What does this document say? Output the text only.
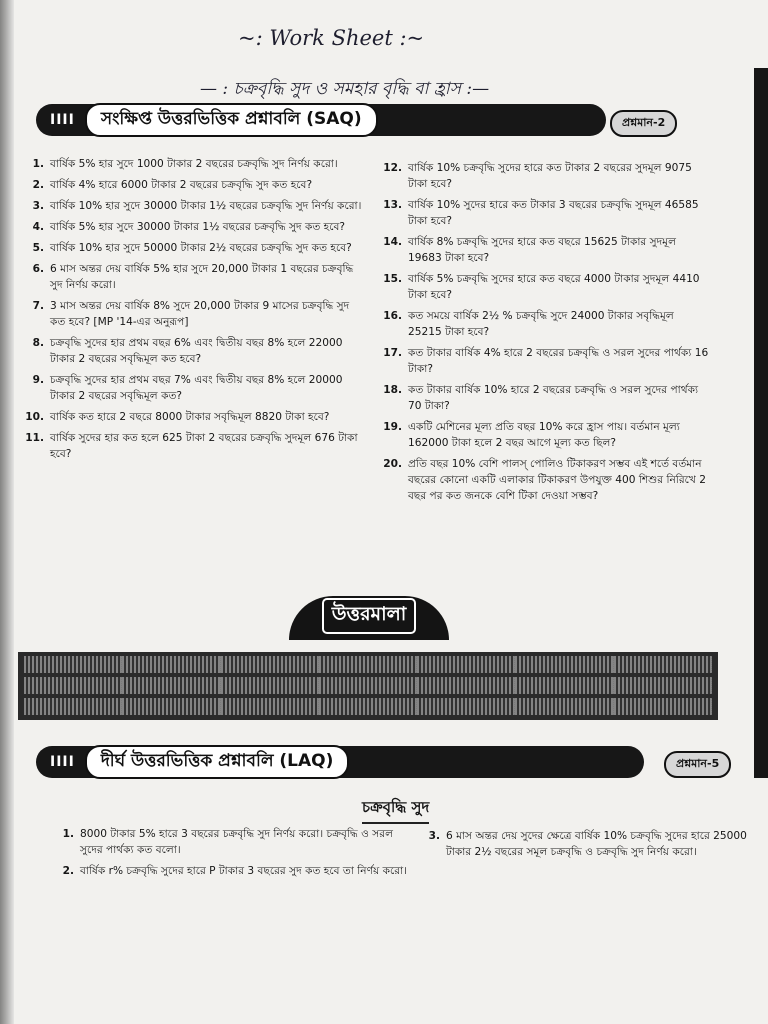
~: Work Sheet :~
— : চক্রবৃদ্ধি সুদ ও সমহার বৃদ্ধি বা হ্রাস :—
IIII	সংক্ষিপ্ত উত্তরভিত্তিক প্রশ্নাবলি (SAQ)	প্রশ্নমান-2
1. বার্ষিক 5% হার সুদে 1000 টাকার 2 বছরের চক্রবৃদ্ধি সুদ নির্ণয় করো।
2. বার্ষিক 4% হারে 6000 টাকার 2 বছরের চক্রবৃদ্ধি সুদ কত হবে?
3. বার্ষিক 10% হার সুদে 30000 টাকার 1½ বছরের চক্রবৃদ্ধি সুদ নির্ণয় করো।
4. বার্ষিক 5% হার সুদে 30000 টাকার 1½ বছরের চক্রবৃদ্ধি সুদ কত হবে?
5. বার্ষিক 10% হার সুদে 50000 টাকার 2½ বছরের চক্রবৃদ্ধি সুদ কত হবে?
6. 6 মাস অন্তর দেয় বার্ষিক 5% হার সুদে 20,000 টাকার 1 বছরের চক্রবৃদ্ধি সুদ নির্ণয় করো।
7. 3 মাস অন্তর দেয় বার্ষিক 8% সুদে 20,000 টাকার 9 মাসের চক্রবৃদ্ধি সুদ কত হবে? [MP '14-এর অনুরূপ]
8. চক্রবৃদ্ধি সুদের হার প্রথম বছর 6% এবং দ্বিতীয় বছর 8% হলে 22000 টাকার 2 বছরের সবৃদ্ধিমূল কত হবে?
9. চক্রবৃদ্ধি সুদের হার প্রথম বছর 7% এবং দ্বিতীয় বছর 8% হলে 20000 টাকার 2 বছরের সবৃদ্ধিমূল কত?
10. বার্ষিক কত হারে 2 বছরে 8000 টাকার সবৃদ্ধিমূল 8820 টাকা হবে?
11. বার্ষিক সুদের হার কত হলে 625 টাকা 2 বছরের চক্রবৃদ্ধি সুদমূল 676 টাকা হবে?
12. বার্ষিক 10% চক্রবৃদ্ধি সুদের হারে কত টাকার 2 বছরের সুদমূল 9075 টাকা হবে?
13. বার্ষিক 10% সুদের হারে কত টাকার 3 বছরের চক্রবৃদ্ধি সুদমূল 46585 টাকা হবে?
14. বার্ষিক 8% চক্রবৃদ্ধি সুদের হারে কত বছরে 15625 টাকার সুদমূল 19683 টাকা হবে?
15. বার্ষিক 5% চক্রবৃদ্ধি সুদের হারে কত বছরে 4000 টাকার সুদমূল 4410 টাকা হবে?
16. কত সময়ে বার্ষিক 2½ % চক্রবৃদ্ধি সুদে 24000 টাকার সবৃদ্ধিমূল 25215 টাকা হবে?
17. কত টাকার বার্ষিক 4% হারে 2 বছরের চক্রবৃদ্ধি ও সরল সুদের পার্থক্য 16 টাকা?
18. কত টাকার বার্ষিক 10% হারে 2 বছরের চক্রবৃদ্ধি ও সরল সুদের পার্থক্য 70 টাকা?
19. একটি মেশিনের মূল্য প্রতি বছর 10% করে হ্রাস পায়। বর্তমান মূল্য 162000 টাকা হলে 2 বছর আগে মূল্য কত ছিল?
20. প্রতি বছর 10% বেশি পালস্ পোলিও টিকাকরণ সম্ভব এই শর্তে বর্তমান বছরের কোনো একটি এলাকার টিকাকরণ উপযুক্ত 400 শিশুর নিরিখে 2 বছর পর কত জনকে বেশি টিকা দেওয়া সম্ভব?
উত্তরমালা
IIII	দীর্ঘ উত্তরভিত্তিক প্রশ্নাবলি (LAQ)	প্রশ্নমান-5
চক্রবৃদ্ধি সুদ
1. 8000 টাকার 5% হারে 3 বছরের চক্রবৃদ্ধি সুদ নির্ণয় করো। চক্রবৃদ্ধি ও সরল সুদের পার্থক্য কত বলো।
2. বার্ষিক r% চক্রবৃদ্ধি সুদের হারে P টাকার 3 বছরের সুদ কত হবে তা নির্ণয় করো।
3. 6 মাস অন্তর দেয় সুদের ক্ষেত্রে বার্ষিক 10% চক্রবৃদ্ধি সুদের হারে 25000 টাকার 2½ বছরের সমূল চক্রবৃদ্ধি ও চক্রবৃদ্ধি সুদ নির্ণয় করো।
